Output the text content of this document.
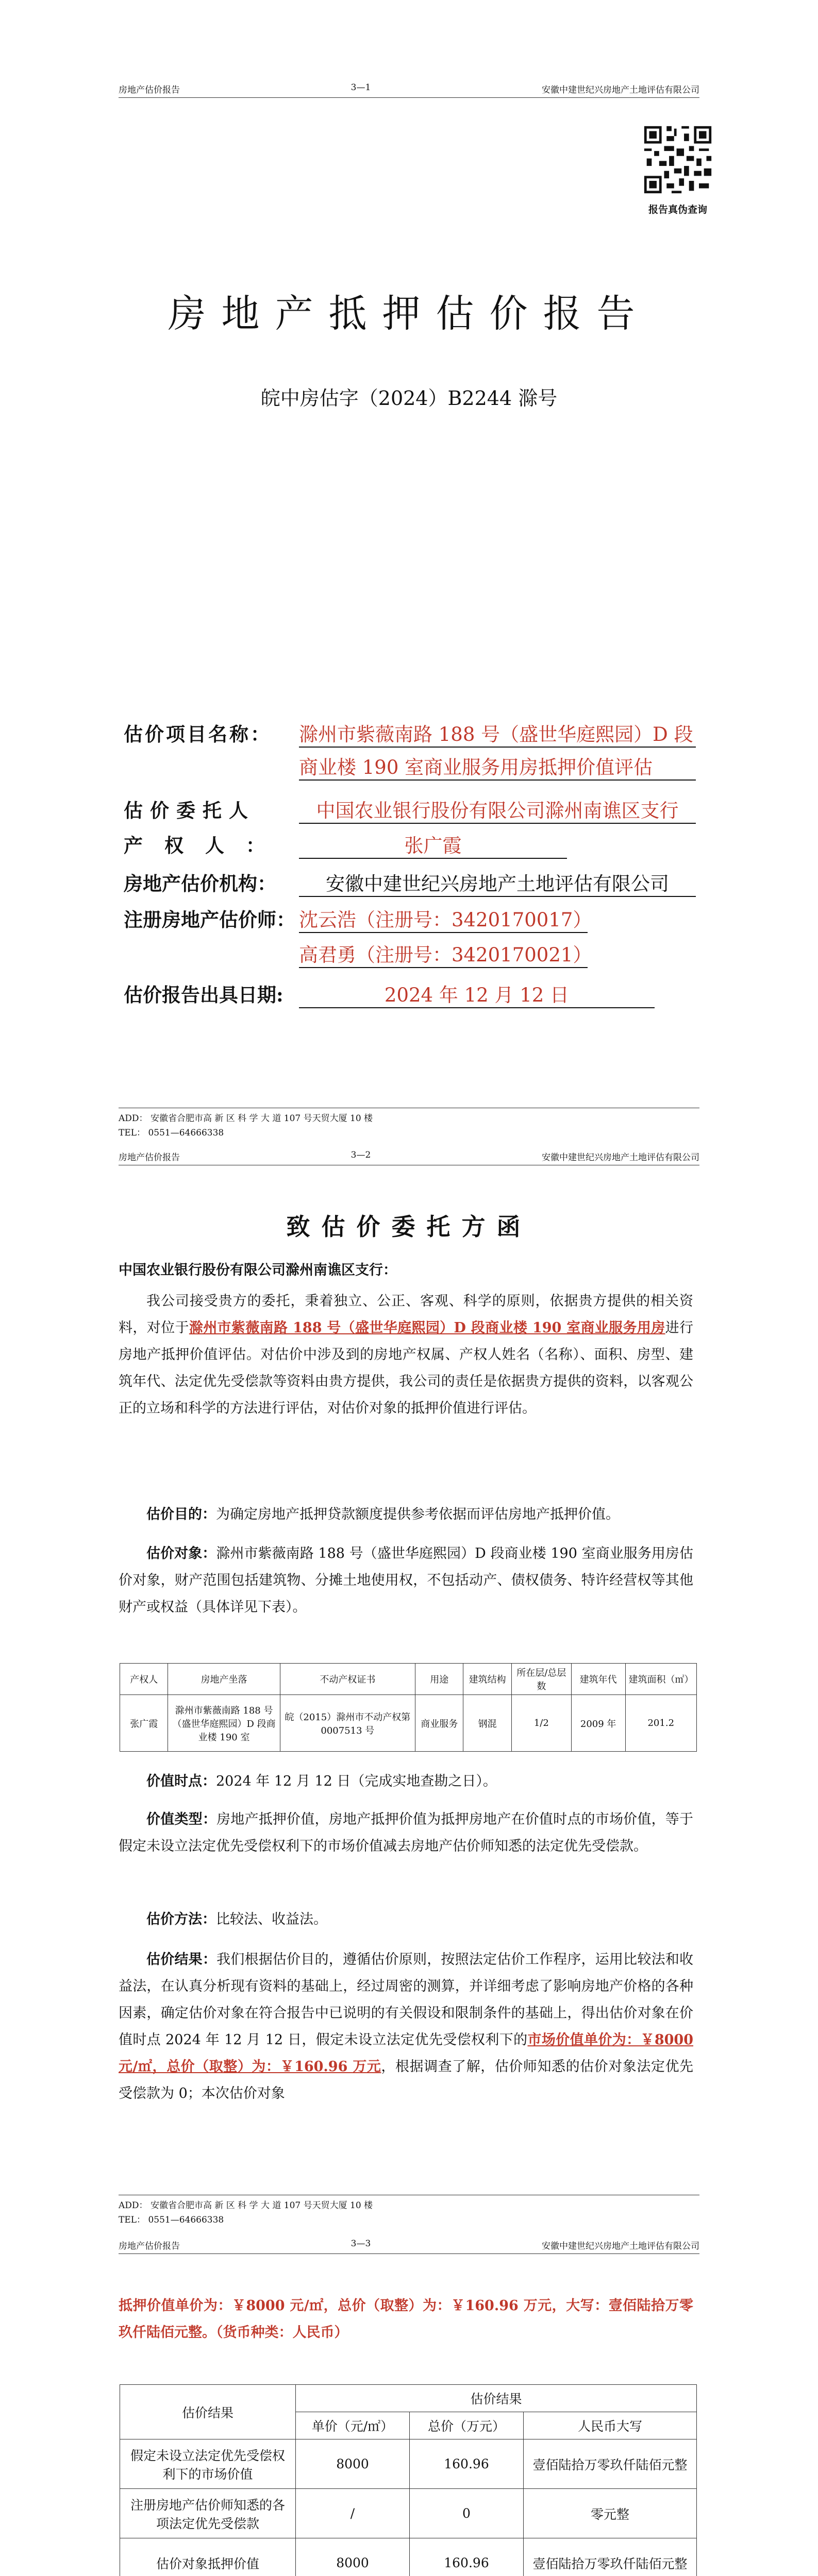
房地产估价报告	3—1	安徽中建世纪兴房地产土地评估有限公司
报告真伪查询
房地产抵押估价报告
皖中房估字（2024）B2244 滁号
估价项目名称： 滁州市紫薇南路 188 号（盛世华庭熙园）D 段
商业楼 190 室商业服务用房抵押价值评估
估价委托人	中国农业银行股份有限公司滁州南谯区支行
产权人：	张广霞
房地产估价机构：	安徽中建世纪兴房地产土地评估有限公司
注册房地产估价师： 沈云浩（注册号：3420170017）
高君勇（注册号：3420170021）
估价报告出具日期:	2024 年 12 月 12 日
ADD： 安徽省合肥市高 新 区 科 学 大 道 107 号天贸大厦 10 楼
TEL： 0551—64666338
房地产估价报告	3—2	安徽中建世纪兴房地产土地评估有限公司
致估价委托方函
中国农业银行股份有限公司滁州南谯区支行：
我公司接受贵方的委托，秉着独立、公正、客观、科学的原则，依据贵方提供的相关资料，对位于滁州市紫薇南路 188 号（盛世华庭熙园）D 段商业楼 190 室商业服务用房进行房地产抵押价值评估。对估价中涉及到的房地产权属、产权人姓名（名称）、面积、房型、建筑年代、法定优先受偿款等资料由贵方提供，我公司的责任是依据贵方提供的资料，以客观公正的立场和科学的方法进行评估，对估价对象的抵押价值进行评估。
估价目的：为确定房地产抵押贷款额度提供参考依据而评估房地产抵押价值。
估价对象：滁州市紫薇南路 188 号（盛世华庭熙园）D 段商业楼 190 室商业服务用房估价对象，财产范围包括建筑物、分摊土地使用权，不包括动产、债权债务、特许经营权等其他财产或权益（具体详见下表）。
产权人	房地产坐落	不动产权证书	用途	建筑结构	所在层/总层数	建筑年代	建筑面积（㎡）
张广霞	滁州市紫薇南路 188 号（盛世华庭熙园）D 段商业楼 190 室	皖（2015）滁州市不动产权第 0007513 号	商业服务	钢混	1/2	2009 年	201.2
价值时点：2024 年 12 月 12 日（完成实地查勘之日）。
价值类型：房地产抵押价值，房地产抵押价值为抵押房地产在价值时点的市场价值，等于假定未设立法定优先受偿权利下的市场价值减去房地产估价师知悉的法定优先受偿款。
估价方法：比较法、收益法。
估价结果：我们根据估价目的，遵循估价原则，按照法定估价工作程序，运用比较法和收益法，在认真分析现有资料的基础上，经过周密的测算，并详细考虑了影响房地产价格的各种因素，确定估价对象在符合报告中已说明的有关假设和限制条件的基础上，得出估价对象在价值时点 2024 年 12 月 12 日，假定未设立法定优先受偿权利下的市场价值单价为：￥8000 元/㎡，总价（取整）为：￥160.96 万元，根据调查了解，估价师知悉的估价对象法定优先受偿款为 0；本次估价对象
ADD： 安徽省合肥市高 新 区 科 学 大 道 107 号天贸大厦 10 楼
TEL： 0551—64666338
房地产估价报告	3—3	安徽中建世纪兴房地产土地评估有限公司
抵押价值单价为：￥8000 元/㎡，总价（取整）为：￥160.96 万元，大写：壹佰陆拾万零玖仟陆佰元整。（货币种类：人民币）
估价结果	估价结果		
	单价（元/㎡）	总价（万元）	人民币大写
假定未设立法定优先受偿权利下的市场价值	8000	160.96	壹佰陆拾万零玖仟陆佰元整
注册房地产估价师知悉的各项法定优先受偿款	/	0	零元整
估价对象抵押价值	8000	160.96	壹佰陆拾万零玖仟陆佰元整
